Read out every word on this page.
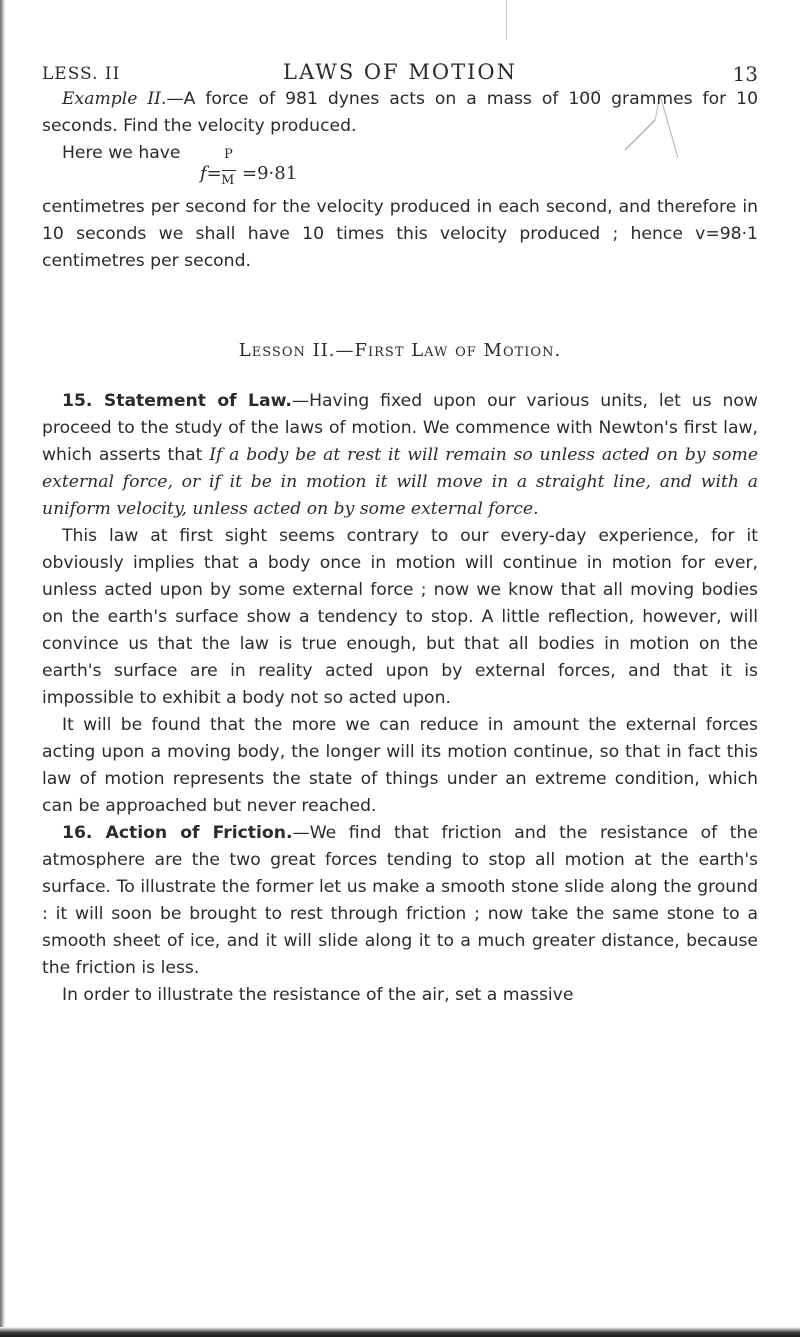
LESS. II	LAWS OF MOTION	13

Example II.—A force of 981 dynes acts on a mass of 100 grammes for 10 seconds. Find the velocity produced.

Here we have

f=
P
M =9·81

centimetres per second for the velocity produced in each second, and therefore in 10 seconds we shall have 10 times this velocity produced ; hence v=98·1 centimetres per second.

Lesson II.—First Law of Motion.

15. Statement of Law.—Having fixed upon our various units, let us now proceed to the study of the laws of motion. We commence with Newton's first law, which asserts that If a body be at rest it will remain so unless acted on by some external force, or if it be in motion it will move in a straight line, and with a uniform velocity, unless acted on by some external force.

This law at first sight seems contrary to our every-day experience, for it obviously implies that a body once in motion will continue in motion for ever, unless acted upon by some external force ; now we know that all moving bodies on the earth's surface show a tendency to stop. A little reflection, however, will convince us that the law is true enough, but that all bodies in motion on the earth's surface are in reality acted upon by external forces, and that it is impossible to exhibit a body not so acted upon.

It will be found that the more we can reduce in amount the external forces acting upon a moving body, the longer will its motion continue, so that in fact this law of motion represents the state of things under an extreme condition, which can be approached but never reached.

16. Action of Friction.—We find that friction and the resistance of the atmosphere are the two great forces tending to stop all motion at the earth's surface. To illustrate the former let us make a smooth stone slide along the ground : it will soon be brought to rest through friction ; now take the same stone to a smooth sheet of ice, and it will slide along it to a much greater distance, because the friction is less.

In order to illustrate the resistance of the air, set a massive
